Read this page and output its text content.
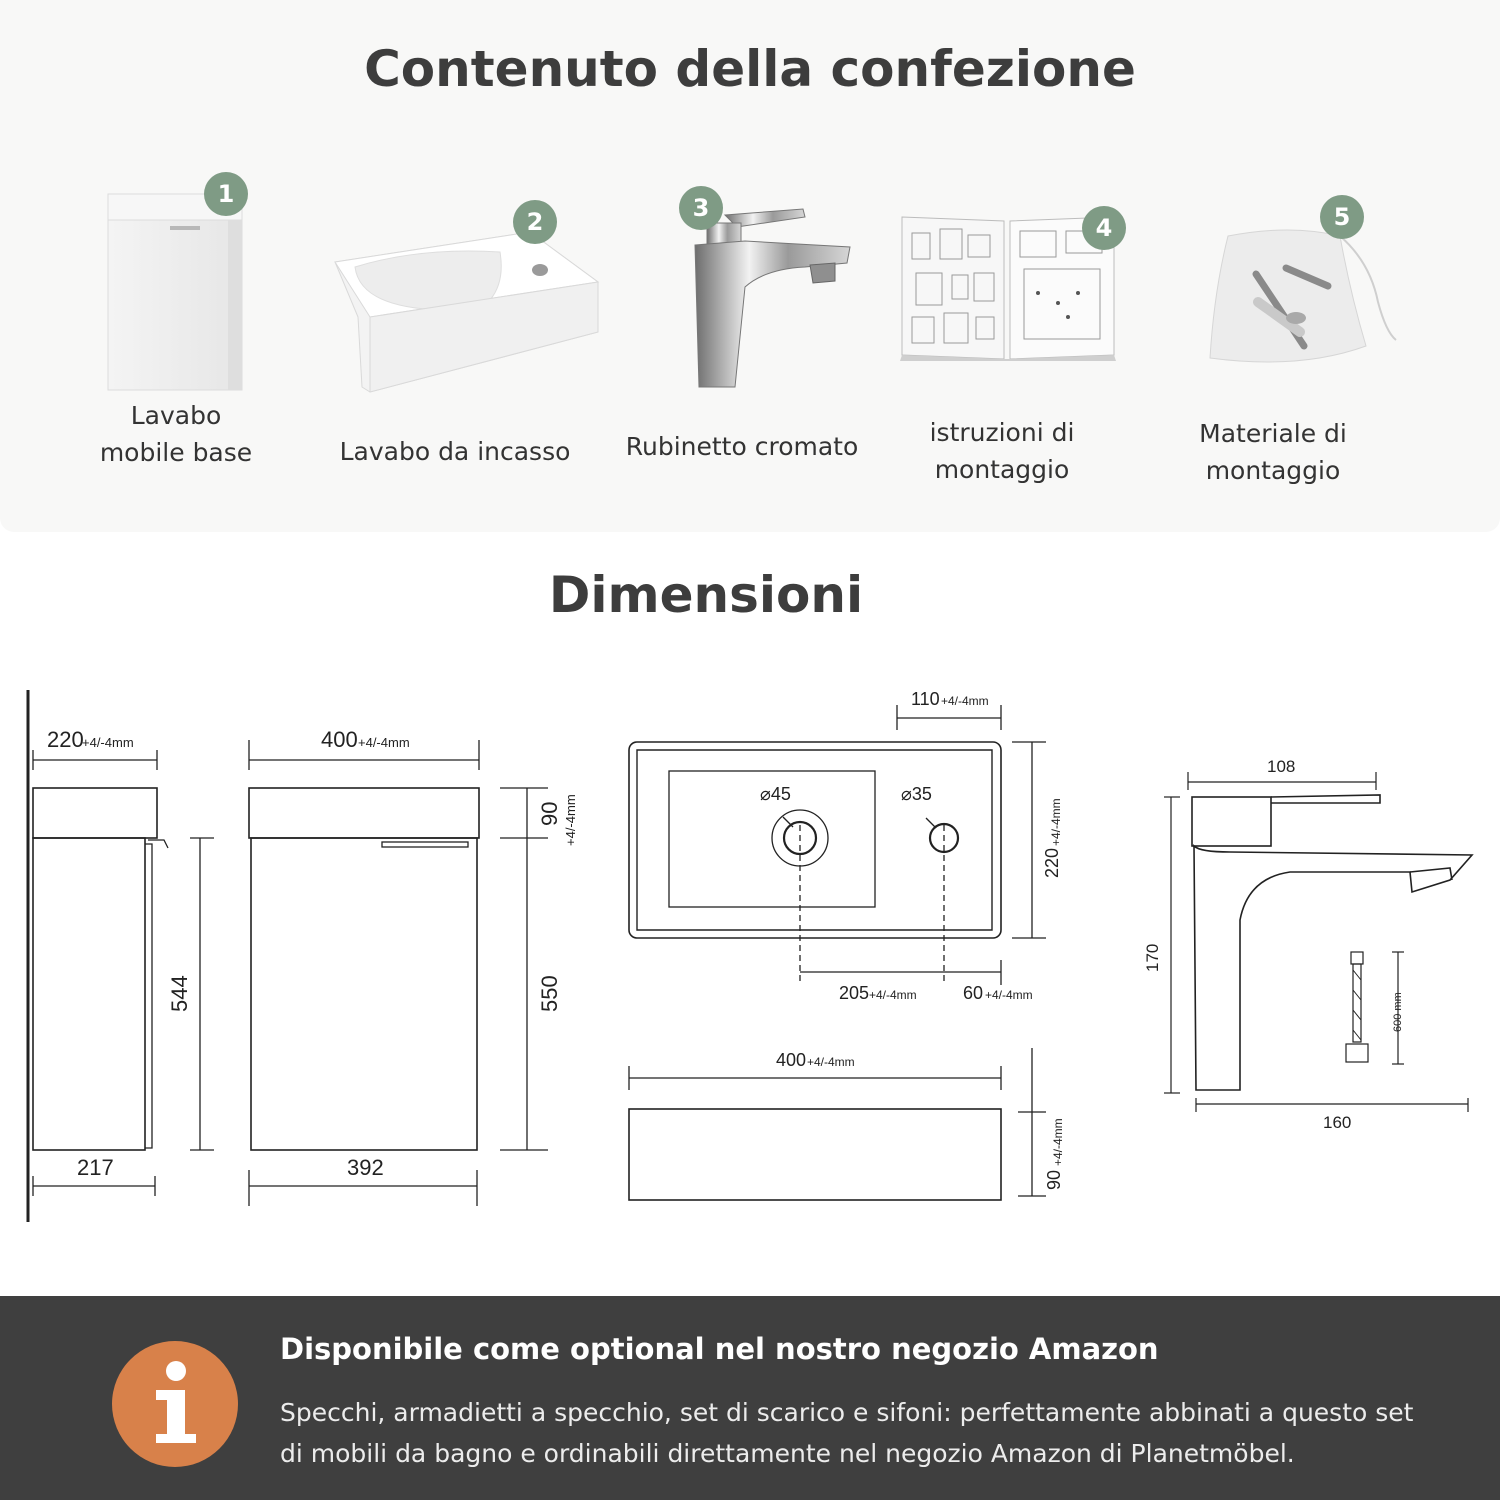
Contenuto della confezione
1
Lavabo
mobile base
2
Lavabo da incasso
3
Rubinetto cromato
4
istruzioni di
montaggio
5
Materiale di
montaggio
Dimensioni
220
+4/-4mm
544
217
400 +4/-4mm
392
90 +4/-4mm
550
110 +4/-4mm
⌀45	⌀35
220
+4/-4mm
205 +4/-4mm	60 +4/-4mm
400 +4/-4mm
90
+4/-4mm
108
170
160
600 mm
Disponibile come optional nel nostro negozio Amazon

Specchi, armadietti a specchio, set di scarico e sifoni: perfettamente abbinati a questo set di mobili da bagno e ordinabili direttamente nel negozio Amazon di Planetmöbel.
